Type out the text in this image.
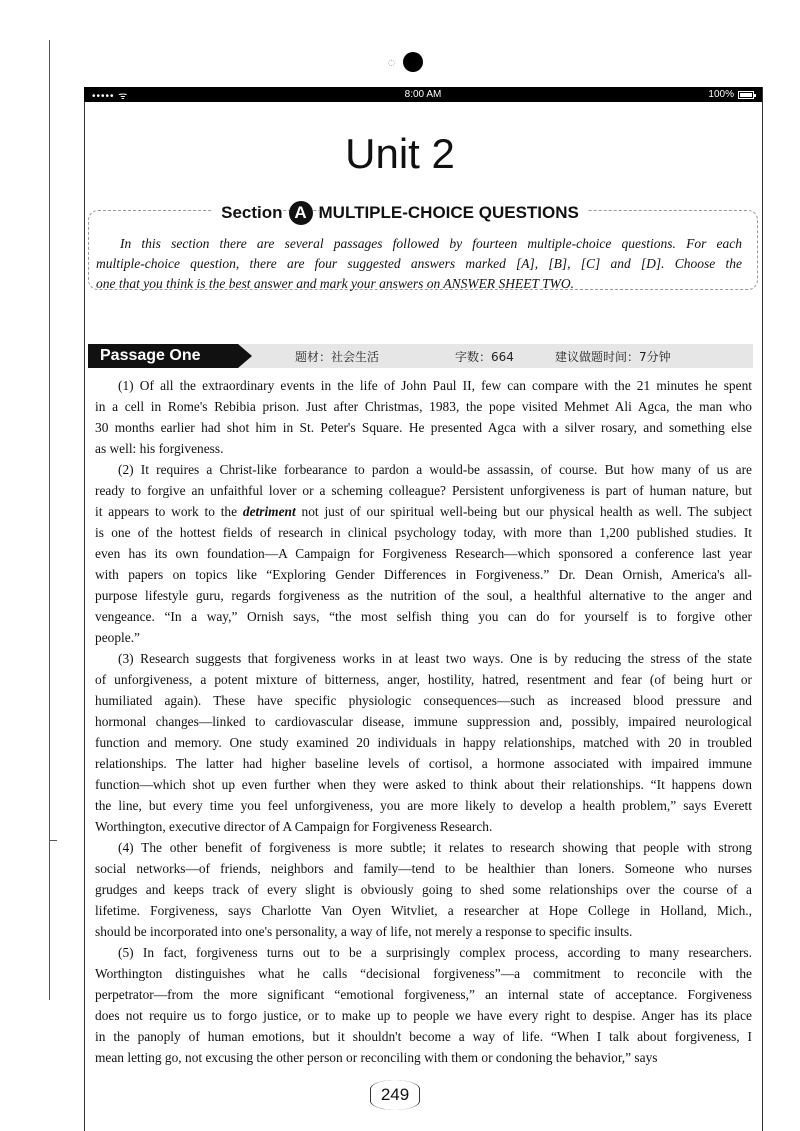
◌
••••• ᯤ	8:00 AM	100%
Unit 2
Section A MULTIPLE-CHOICE QUESTIONS
In this section there are several passages followed by fourteen multiple-choice questions. For each
multiple-choice question, there are four suggested answers marked [A], [B], [C] and [D]. Choose the
one that you think is the best answer and mark your answers on ANSWER SHEET TWO.
Passage One	题材：社会生活	字数：664	建议做题时间：7分钟
(1) Of all the extraordinary events in the life of John Paul II, few can compare with the 21 minutes he spent
in a cell in Rome's Rebibia prison. Just after Christmas, 1983, the pope visited Mehmet Ali Agca, the man who
30 months earlier had shot him in St. Peter's Square. He presented Agca with a silver rosary, and something else
as well: his forgiveness.
(2) It requires a Christ-like forbearance to pardon a would-be assassin, of course. But how many of us are
ready to forgive an unfaithful lover or a scheming colleague? Persistent unforgiveness is part of human nature, but
it appears to work to the detriment not just of our spiritual well-being but our physical health as well. The subject
is one of the hottest fields of research in clinical psychology today, with more than 1,200 published studies. It
even has its own foundation—A Campaign for Forgiveness Research—which sponsored a conference last year
with papers on topics like “Exploring Gender Differences in Forgiveness.” Dr. Dean Ornish, America's all-
purpose lifestyle guru, regards forgiveness as the nutrition of the soul, a healthful alternative to the anger and
vengeance. “In a way,” Ornish says, “the most selfish thing you can do for yourself is to forgive other
people.”
(3) Research suggests that forgiveness works in at least two ways. One is by reducing the stress of the state
of unforgiveness, a potent mixture of bitterness, anger, hostility, hatred, resentment and fear (of being hurt or
humiliated again). These have specific physiologic consequences—such as increased blood pressure and
hormonal changes—linked to cardiovascular disease, immune suppression and, possibly, impaired neurological
function and memory. One study examined 20 individuals in happy relationships, matched with 20 in troubled
relationships. The latter had higher baseline levels of cortisol, a hormone associated with impaired immune
function—which shot up even further when they were asked to think about their relationships. “It happens down
the line, but every time you feel unforgiveness, you are more likely to develop a health problem,” says Everett
Worthington, executive director of A Campaign for Forgiveness Research.
(4) The other benefit of forgiveness is more subtle; it relates to research showing that people with strong
social networks—of friends, neighbors and family—tend to be healthier than loners. Someone who nurses
grudges and keeps track of every slight is obviously going to shed some relationships over the course of a
lifetime. Forgiveness, says Charlotte Van Oyen Witvliet, a researcher at Hope College in Holland, Mich.,
should be incorporated into one's personality, a way of life, not merely a response to specific insults.
(5) In fact, forgiveness turns out to be a surprisingly complex process, according to many researchers.
Worthington distinguishes what he calls “decisional forgiveness”—a commitment to reconcile with the
perpetrator—from the more significant “emotional forgiveness,” an internal state of acceptance. Forgiveness
does not require us to forgo justice, or to make up to people we have every right to despise. Anger has its place
in the panoply of human emotions, but it shouldn't become a way of life. “When I talk about forgiveness, I
mean letting go, not excusing the other person or reconciling with them or condoning the behavior,” says
249
